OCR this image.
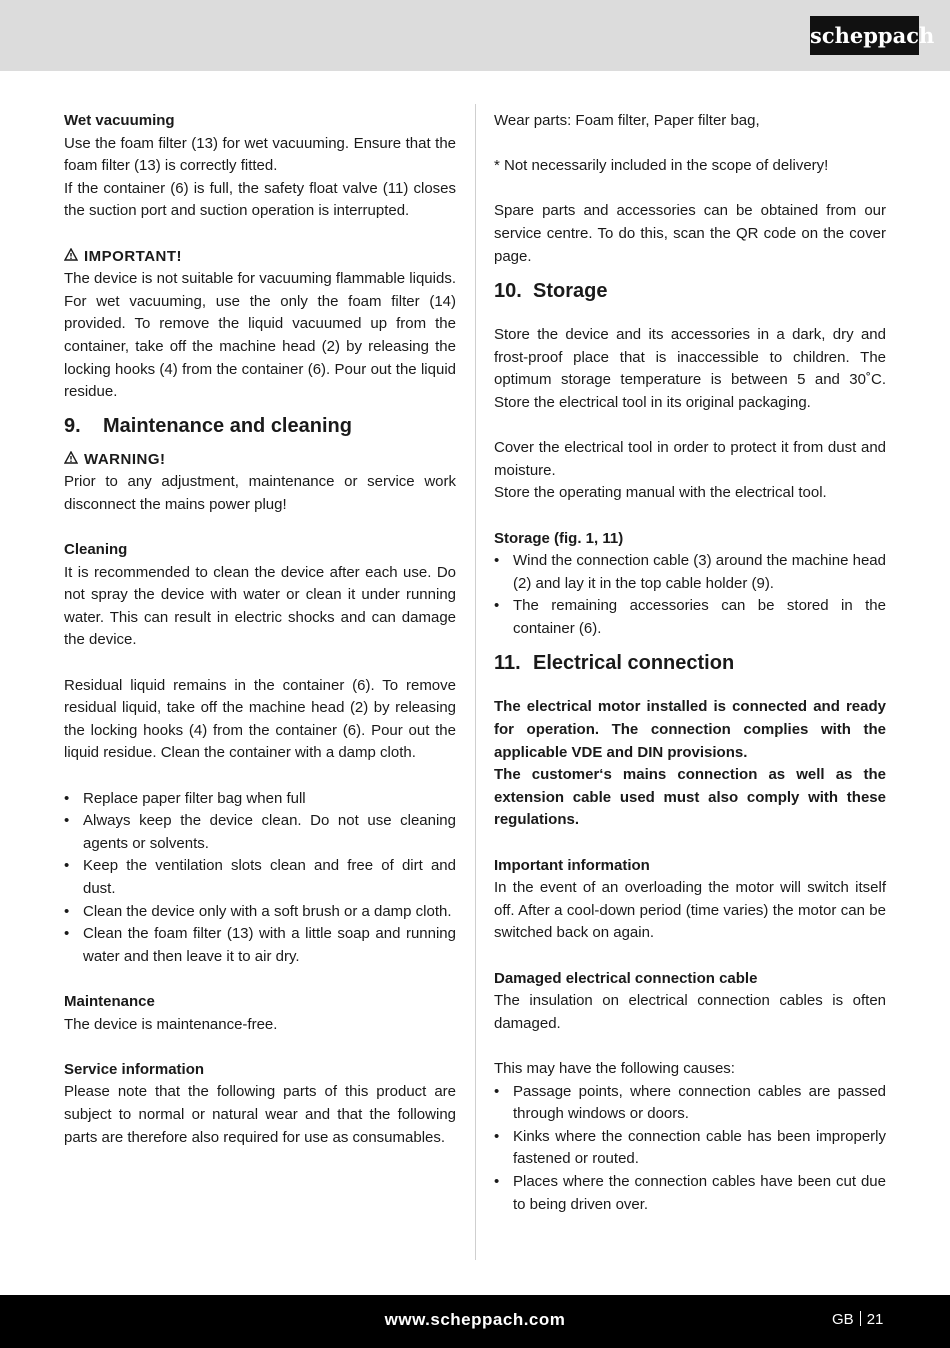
scheppach

Wet vacuuming

Use the foam filter (13) for wet vacuuming. Ensure that the foam filter (13) is correctly fitted.

If the container (6) is full, the safety float valve (11) closes the suction port and suction operation is interrupted.

IMPORTANT!

The device is not suitable for vacuuming flammable liquids. For wet vacuuming, use the only the foam filter (14) provided. To remove the liquid vacuumed up from the container, take off the machine head (2) by releasing the locking hooks (4) from the container (6). Pour out the liquid residue.

9.	Maintenance and cleaning
WARNING!

Prior to any adjustment, maintenance or service work disconnect the mains power plug!

Cleaning

It is recommended to clean the device after each use. Do not spray the device with water or clean it under running water. This can result in electric shocks and can damage the device.

Residual liquid remains in the container (6). To remove residual liquid, take off the machine head (2) by releasing the locking hooks (4) from the container (6). Pour out the liquid residue. Clean the container with a damp cloth.

• Replace paper filter bag when full
• Always keep the device clean. Do not use cleaning agents or solvents.
• Keep the ventilation slots clean and free of dirt and dust.
• Clean the device only with a soft brush or a damp cloth.
• Clean the foam filter (13) with a little soap and running water and then leave it to air dry.

Maintenance

The device is maintenance-free.

Service information

Please note that the following parts of this product are subject to normal or natural wear and that the following parts are therefore also required for use as consumables.

Wear parts: Foam filter, Paper filter bag,

* Not necessarily included in the scope of delivery!

Spare parts and accessories can be obtained from our service centre. To do this, scan the QR code on the cover page.

10. Storage

Store the device and its accessories in a dark, dry and frost-proof place that is inaccessible to children. The optimum storage temperature is between 5 and 30˚C. Store the electrical tool in its original packaging.

Cover the electrical tool in order to protect it from dust and moisture.

Store the operating manual with the electrical tool.

Storage (fig. 1, 11)

• Wind the connection cable (3) around the machine head (2) and lay it in the top cable holder (9).
• The remaining accessories can be stored in the container (6).
11. Electrical connection

The electrical motor installed is connected and ready for operation. The connection complies with the applicable VDE and DIN provisions.

The customer‘s mains connection as well as the extension cable used must also comply with these regulations.

Important information

In the event of an overloading the motor will switch itself off. After a cool-down period (time varies) the motor can be switched back on again.

Damaged electrical connection cable

The insulation on electrical connection cables is often damaged.

This may have the following causes:

• Passage points, where connection cables are passed through windows or doors.
• Kinks where the connection cable has been improperly fastened or routed.
• Places where the connection cables have been cut due to being driven over.
www.scheppach.com	GB 21
